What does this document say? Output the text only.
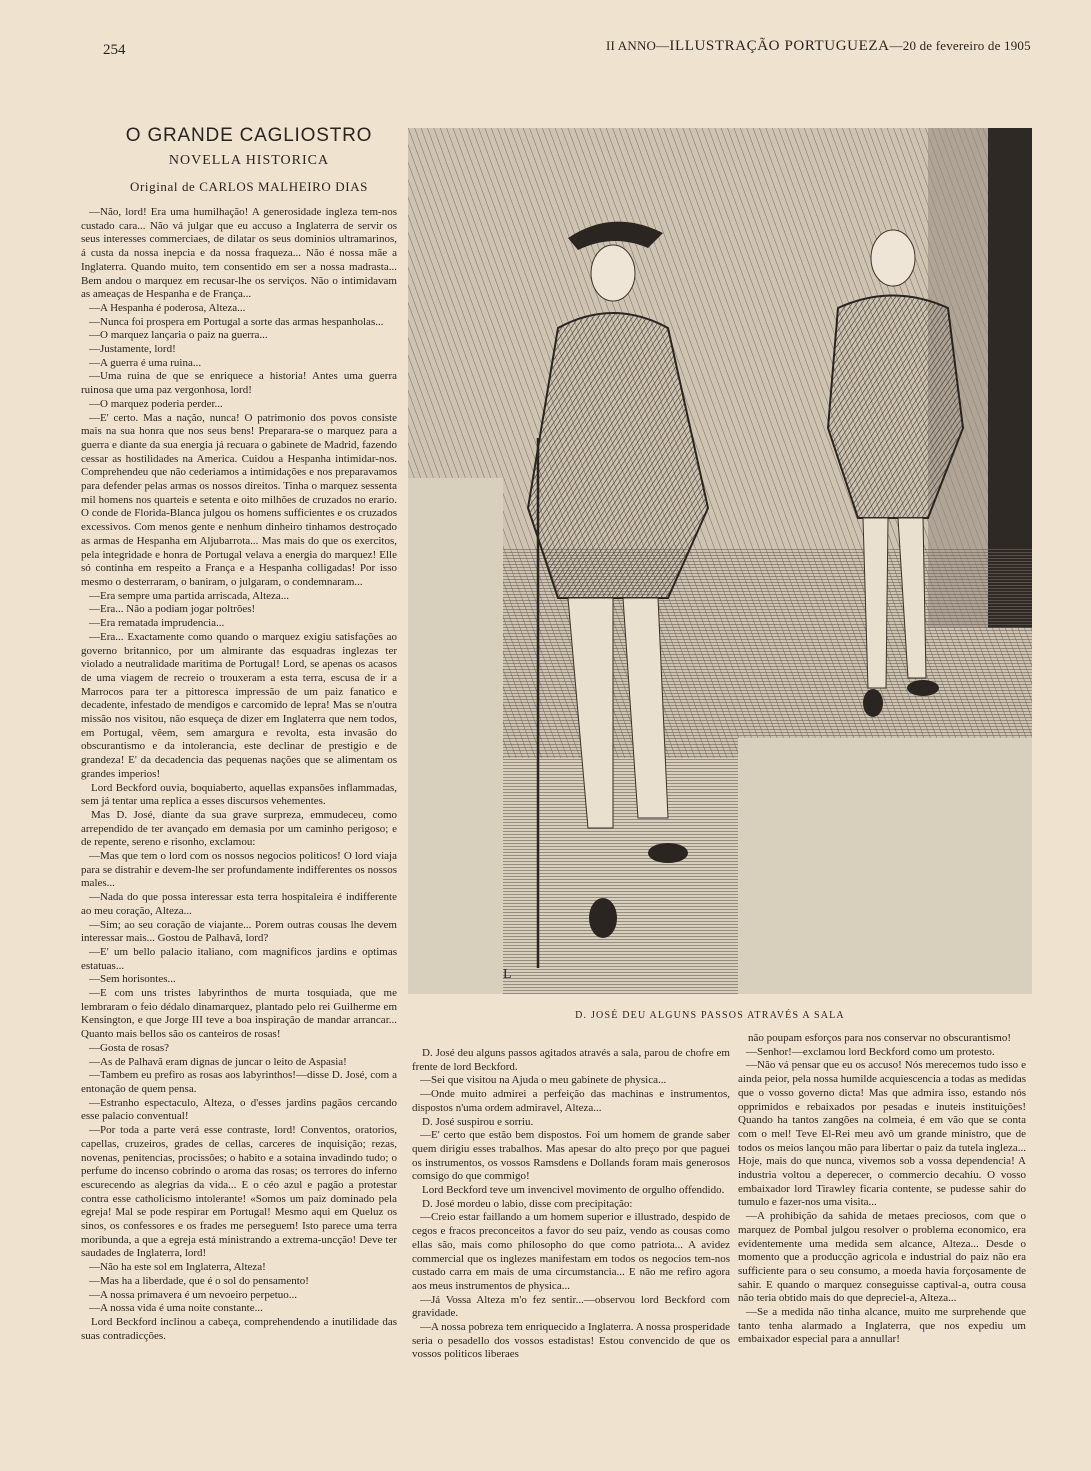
254	II ANNO—ILLUSTRAÇÃO PORTUGUEZA—20 de fevereiro de 1905
O GRANDE CAGLIOSTRO
NOVELLA HISTORICA
Original de CARLOS MALHEIRO DIAS

—Não, lord! Era uma humilhação! A generosidade ingleza tem-nos custado cara... Não vá julgar que eu accuso a Inglaterra de servir os seus interesses commerciaes, de dilatar os seus dominios ultramarinos, á custa da nossa inepcia e da nossa fraqueza... Não é nossa mãe a Inglaterra. Quando muito, tem consentido em ser a nossa madrasta... Bem andou o marquez em recusar-lhe os serviços. Não o intimidavam as ameaças de Hespanha e de França...

—A Hespanha é poderosa, Alteza...

—Nunca foi prospera em Portugal a sorte das armas hespanholas...

—O marquez lançaria o paiz na guerra...

—Justamente, lord!

—A guerra é uma ruina...

—Uma ruina de que se enriquece a historia! Antes uma guerra ruinosa que uma paz vergonhosa, lord!

—O marquez poderia perder...

—E' certo. Mas a nação, nunca! O patrimonio dos povos consiste mais na sua honra que nos seus bens! Preparara-se o marquez para a guerra e diante da sua energia já recuara o gabinete de Madrid, fazendo cessar as hostilidades na America. Cuidou a Hespanha intimidar-nos. Comprehendeu que não cederiamos a intimidações e nos preparavamos para defender pelas armas os nossos direitos. Tinha o marquez sessenta mil homens nos quarteis e setenta e oito milhões de cruzados no erario. O conde de Florida-Blanca julgou os homens sufficientes e os cruzados excessivos. Com menos gente e nenhum dinheiro tinhamos destroçado as armas de Hespanha em Aljubarrota... Mas mais do que os exercitos, pela integridade e honra de Portugal velava a energia do marquez! Elle só continha em respeito a França e a Hespanha colligadas! Por isso mesmo o desterraram, o baniram, o julgaram, o condemnaram...

—Era sempre uma partida arriscada, Alteza...

—Era... Não a podiam jogar poltrões!

—Era rematada imprudencia...

—Era... Exactamente como quando o marquez exigiu satisfações ao governo britannico, por um almirante das esquadras inglezas ter violado a neutralidade maritima de Portugal! Lord, se apenas os acasos de uma viagem de recreio o trouxeram a esta terra, escusa de ir a Marrocos para ter a pittoresca impressão de um paiz fanatico e decadente, infestado de mendigos e carcomido de lepra! Mas se n'outra missão nos visitou, não esqueça de dizer em Inglaterra que nem todos, em Portugal, vêem, sem amargura e revolta, esta invasão do obscurantismo e da intolerancia, este declinar de prestigio e de grandeza! E' da decadencia das pequenas nações que se alimentam os grandes imperios!

Lord Beckford ouvia, boquiaberto, aquellas expansões inflammadas, sem já tentar uma replica a esses discursos vehementes.

Mas D. José, diante da sua grave surpreza, emmudeceu, como arrependido de ter avançado em demasia por um caminho perigoso; e de repente, sereno e risonho, exclamou:

—Mas que tem o lord com os nossos negocios politicos! O lord viaja para se distrahir e devem-lhe ser profundamente indifferentes os nossos males...

—Nada do que possa interessar esta terra hospitaleira é indifferente ao meu coração, Alteza...

—Sim; ao seu coração de viajante... Porem outras cousas lhe devem interessar mais... Gostou de Palhavã, lord?

—E' um bello palacio italiano, com magnificos jardins e optimas estatuas...

—Sem horisontes...

—E com uns tristes labyrinthos de murta tosquiada, que me lembraram o feio dédalo dinamarquez, plantado pelo rei Guilherme em Kensington, e que Jorge III teve a boa inspiração de mandar arrancar... Quanto mais bellos são os canteiros de rosas!

—Gosta de rosas?

—As de Palhavã eram dignas de juncar o leito de Aspasia!

—Tambem eu prefiro as rosas aos labyrinthos!—disse D. José, com a entonação de quem pensa.

—Estranho espectaculo, Alteza, o d'esses jardins pagãos cercando esse palacio conventual!

—Por toda a parte verá esse contraste, lord! Conventos, oratorios, capellas, cruzeiros, grades de cellas, carceres de inquisição; rezas, novenas, penitencias, procissões; o habito e a sotaina invadindo tudo; o perfume do incenso cobrindo o aroma das rosas; os terrores do inferno escurecendo as alegrias da vida... E o céo azul e pagão a protestar contra esse catholicismo intolerante! «Somos um paiz dominado pela egreja! Mal se pode respirar em Portugal! Mesmo aqui em Queluz os sinos, os confessores e os frades me perseguem! Isto parece uma terra moribunda, a que a egreja está ministrando a extrema-uncção! Deve ter saudades de Inglaterra, lord!

—Não ha este sol em Inglaterra, Alteza!

—Mas ha a liberdade, que é o sol do pensamento!

—A nossa primavera é um nevoeiro perpetuo...

—A nossa vida é uma noite constante...

Lord Beckford inclinou a cabeça, comprehendendo a inutilidade das suas contradicções.

L
D. JOSÉ DEU ALGUNS PASSOS ATRAVÉS A SALA

D. José deu alguns passos agitados através a sala, parou de chofre em frente de lord Beckford.

—Sei que visitou na Ajuda o meu gabinete de physica...

—Onde muito admirei a perfeição das machinas e instrumentos, dispostos n'uma ordem admiravel, Alteza...

D. José suspirou e sorriu.

—E' certo que estão bem dispostos. Foi um homem de grande saber quem dirigiu esses trabalhos. Mas apesar do alto preço por que paguei os instrumentos, os vossos Ramsdens e Dollands foram mais generosos comsigo do que commigo!

Lord Beckford teve um invencivel movimento de orgulho offendido.

D. José mordeu o labio, disse com precipitação:

—Creio estar faillando a um homem superior e illustrado, despido de cegos e fracos preconceitos a favor do seu paiz, vendo as cousas como ellas são, mais como philosopho do que como patriota... A avidez commercial que os inglezes manifestam em todos os negocios tem-nos custado carra em mais de uma circumstancia... E não me refiro agora aos meus instrumentos de physica...

—Já Vossa Alteza m'o fez sentir...—observou lord Beckford com gravidade.

—A nossa pobreza tem enriquecido a Inglaterra. A nossa prosperidade seria o pesadello dos vossos estadistas! Estou convencido de que os vossos politicos liberaes

não poupam esforços para nos conservar no obscurantismo!

—Senhor!—exclamou lord Beckford como um protesto.

—Não vá pensar que eu os accuso! Nós merecemos tudo isso e ainda peior, pela nossa humilde acquiescencia a todas as medidas que o vosso governo dicta! Mas que admira isso, estando nós opprimidos e rebaixados por pesadas e inuteis instituições! Quando ha tantos zangões na colmeia, é em vão que se conta com o mel! Teve El-Rei meu avô um grande ministro, que de todos os meios lançou mão para libertar o paiz da tutela ingleza... Hoje, mais do que nunca, vivemos sob a vossa dependencia! A industria voltou a deperecer, o commercio decahiu. O vosso embaixador lord Tirawley ficaria contente, se pudesse sahir do tumulo e fazer-nos uma visita...

—A prohibição da sahida de metaes preciosos, com que o marquez de Pombal julgou resolver o problema economico, era evidentemente uma medida sem alcance, Alteza... Desde o momento que a producção agricola e industrial do paiz não era sufficiente para o seu consumo, a moeda havia forçosamente de sahir. E quando o marquez conseguisse captival-a, outra cousa não teria obtido mais do que depreciel-a, Alteza...

—Se a medida não tinha alcance, muito me surprehende que tanto tenha alarmado a Inglaterra, que nos expediu um embaixador especial para a annullar!
